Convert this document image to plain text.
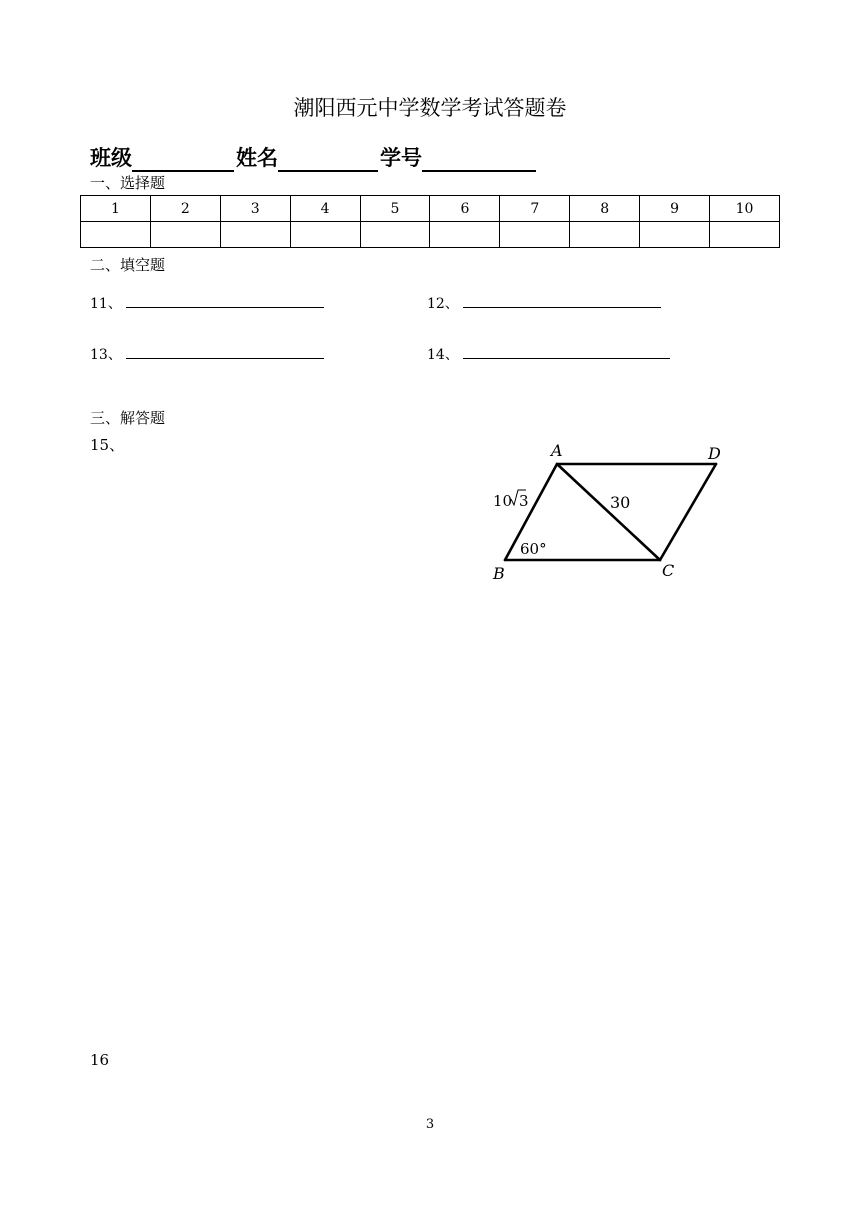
潮阳西元中学数学考试答题卷
班级	姓名	学号
一、选择题
1	2	3	4	5	6	7	8	9	10

二、填空题
11、	12、
13、	14、
三、解答题
15、	A	D
B	C
10 3	30
60°
16
3
